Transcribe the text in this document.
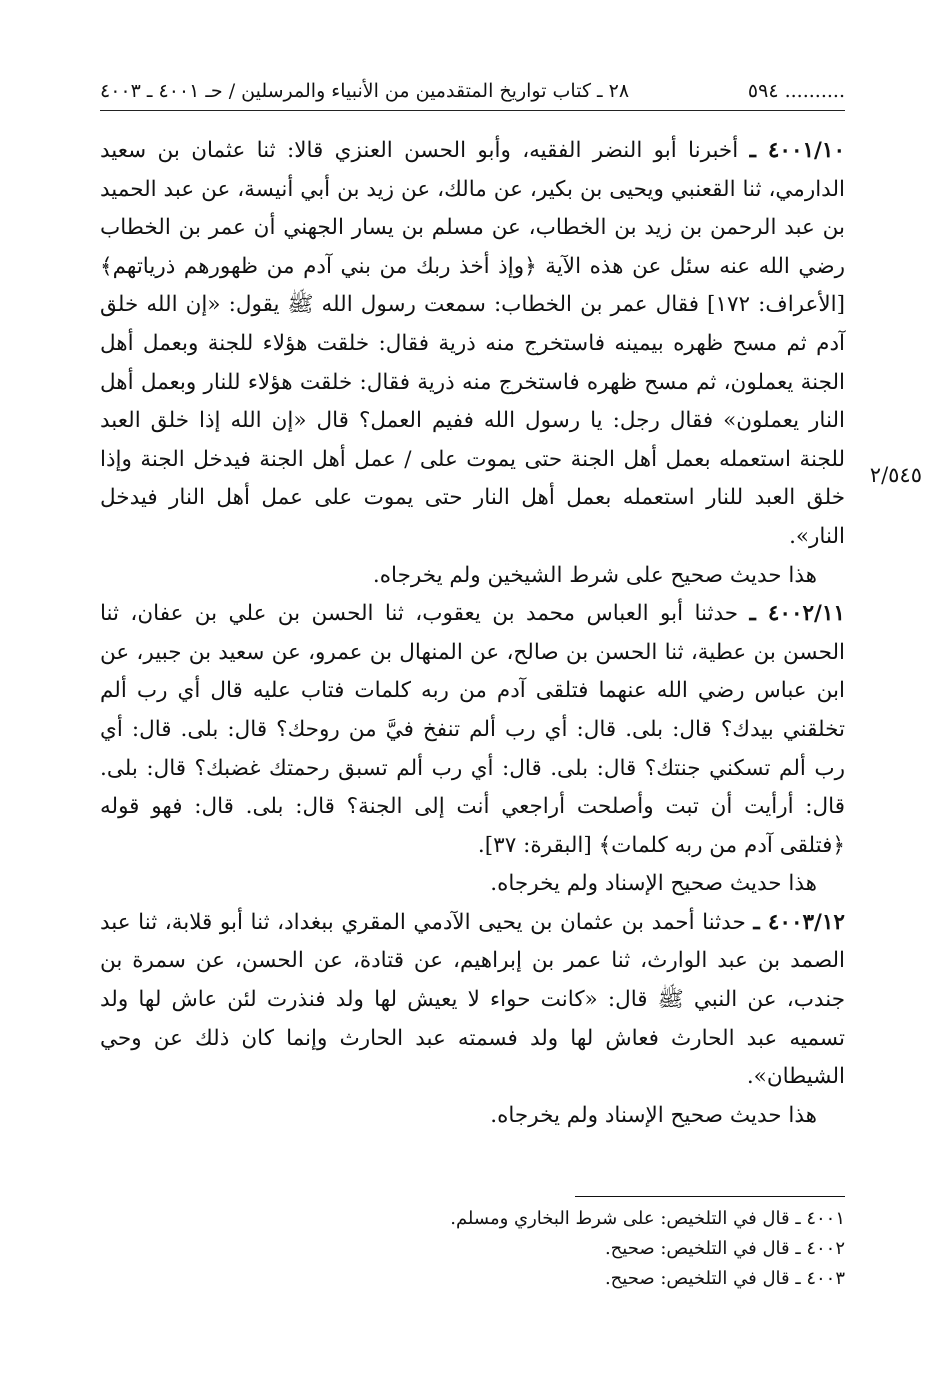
٢٨ ـ كتاب تواريخ المتقدمين من الأنبياء والمرسلين / حـ ٤٠٠١ ـ ٤٠٠٣	.......... ٥٩٤
٢/٥٤٥

٤٠٠١/١٠ ـ أخبرنا أبو النضر الفقيه، وأبو الحسن العنزي قالا: ثنا عثمان بن سعيد الدارمي، ثنا القعنبي ويحيى بن بكير، عن مالك، عن زيد بن أبي أنيسة، عن عبد الحميد بن عبد الرحمن بن زيد بن الخطاب، عن مسلم بن يسار الجهني أن عمر بن الخطاب رضي الله عنه سئل عن هذه الآية ﴿وإذ أخذ ربك من بني آدم من ظهورهم ذرياتهم﴾ [الأعراف: ١٧٢] فقال عمر بن الخطاب: سمعت رسول الله ﷺ يقول: «إن الله خلق آدم ثم مسح ظهره بيمينه فاستخرج منه ذرية فقال: خلقت هؤلاء للجنة وبعمل أهل الجنة يعملون، ثم مسح ظهره فاستخرج منه ذرية فقال: خلقت هؤلاء للنار وبعمل أهل النار يعملون» فقال رجل: يا رسول الله ففيم العمل؟ قال «إن الله إذا خلق العبد للجنة استعمله بعمل أهل الجنة حتى يموت على / عمل أهل الجنة فيدخل الجنة وإذا خلق العبد للنار استعمله بعمل أهل النار حتى يموت على عمل أهل النار فيدخل النار».

هذا حديث صحيح على شرط الشيخين ولم يخرجاه.

٤٠٠٢/١١ ـ حدثنا أبو العباس محمد بن يعقوب، ثنا الحسن بن علي بن عفان، ثنا الحسن بن عطية، ثنا الحسن بن صالح، عن المنهال بن عمرو، عن سعيد بن جبير، عن ابن عباس رضي الله عنهما فتلقى آدم من ربه كلمات فتاب عليه قال أي رب ألم تخلقني بيدك؟ قال: بلى. قال: أي رب ألم تنفخ فيَّ من روحك؟ قال: بلى. قال: أي رب ألم تسكني جنتك؟ قال: بلى. قال: أي رب ألم تسبق رحمتك غضبك؟ قال: بلى. قال: أرأيت أن تبت وأصلحت أراجعي أنت إلى الجنة؟ قال: بلى. قال: فهو قوله ﴿فتلقى آدم من ربه كلمات﴾ [البقرة: ٣٧].

هذا حديث صحيح الإسناد ولم يخرجاه.

٤٠٠٣/١٢ ـ حدثنا أحمد بن عثمان بن يحيى الآدمي المقري ببغداد، ثنا أبو قلابة، ثنا عبد الصمد بن عبد الوارث، ثنا عمر بن إبراهيم، عن قتادة، عن الحسن، عن سمرة بن جندب، عن النبي ﷺ قال: «كانت حواء لا يعيش لها ولد فنذرت لئن عاش لها ولد تسميه عبد الحارث فعاش لها ولد فسمته عبد الحارث وإنما كان ذلك عن وحي الشيطان».

هذا حديث صحيح الإسناد ولم يخرجاه.

٤٠٠١ ـ قال في التلخيص: على شرط البخاري ومسلم.

٤٠٠٢ ـ قال في التلخيص: صحيح.

٤٠٠٣ ـ قال في التلخيص: صحيح.
